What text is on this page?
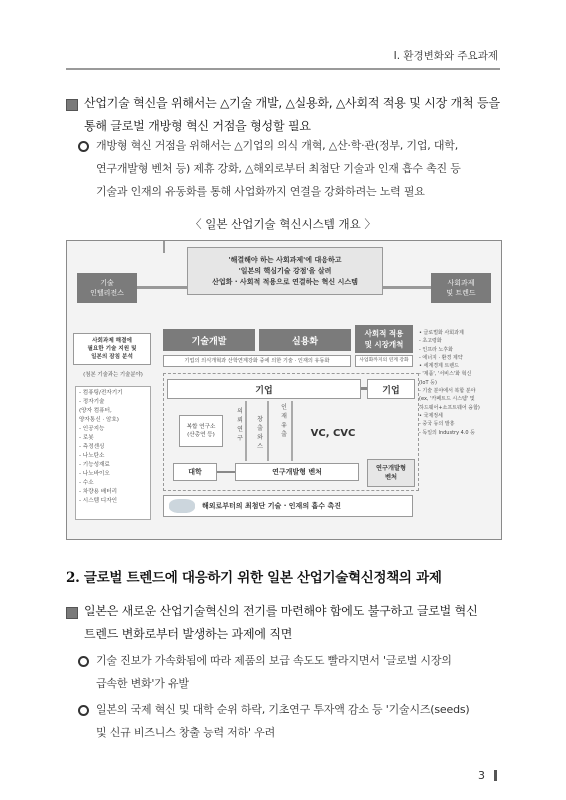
Ⅰ. 환경변화와 주요과제
산업기술 혁신을 위해서는 △기술 개발, △실용화, △사회적 적용 및 시장 개척 등을
통해 글로벌 개방형 혁신 거점을 형성할 필요
개방형 혁신 거점을 위해서는 △기업의 의식 개혁, △산·학·관(정부, 기업, 대학,
연구개발형 벤처 등) 제휴 강화, △해외로부터 최첨단 기술과 인재 흡수 촉진 등
기술과 인재의 유동화를 통해 사업화까지 연결을 강화하려는 노력 필요
〈 일본 산업기술 혁신시스템 개요 〉
'해결해야 하는 사회과제'에 대응하고
'일본의 핵심기술 강점'을 살려
산업화 · 사회적 적용으로 연결하는 혁신 시스템
기술
인텔리전스
사회과제
및 트렌드
사회과제 해결에
필요한 기술 지원 및
일본의 잠침 분석
(첨본 기술과는 기술분야)
- 컴퓨팅/전자기기
- 정자기술
(양자 컴퓨터,
양자통신 · 암호)
- 인공지능
- 로봇
- 측정센싱
- 나노탄소
- 기능성재료
- 나노바이오
- 수소
- 차량용 배터리
- 시스템 디자인
기술개발	실용화
사회적 적용
및 시장개척
기업의 의식개혁과 산학연계강화 중에 의한 기술 · 인재의 유동화	사업화까지의 연계 강화
• 글로벌화 사회과제
- 초고령화
- 인프라 노후화
- 에너지 · 환경 제약
• 세계경제 트렌드
- '제품', '서비스'화 혁신
(IoT 등)
- 기술 분야에서 복합 분야
(ex, '카페트드 시스템' 및
하드웨어+소프트웨어 융합)
• 국제정세
- 중국 등의 발흥
- 독일의 Industry 4.0 등
기업	기업
복합 연구소
(산총연 등)
의
뢰
연
구
창
출
와
스
인
재
유
출	VC, CVC
대학	연구개발형 벤처	연구개발형
벤처
해외로부터의 최첨단 기술 · 인재의 흡수 촉진
2. 글로벌 트렌드에 대응하기 위한 일본 산업기술혁신정책의 과제
일본은 새로운 산업기술혁신의 전기를 마련해야 함에도 불구하고 글로벌 혁신
트렌드 변화로부터 발생하는 과제에 직면
기술 진보가 가속화됨에 따라 제품의 보급 속도도 빨라지면서 '글로벌 시장의
급속한 변화'가 유발
일본의 국제 혁신 및 대학 순위 하락, 기초연구 투자액 감소 등 '기술시즈(seeds)
및 신규 비즈니스 창출 능력 저하' 우려
3
